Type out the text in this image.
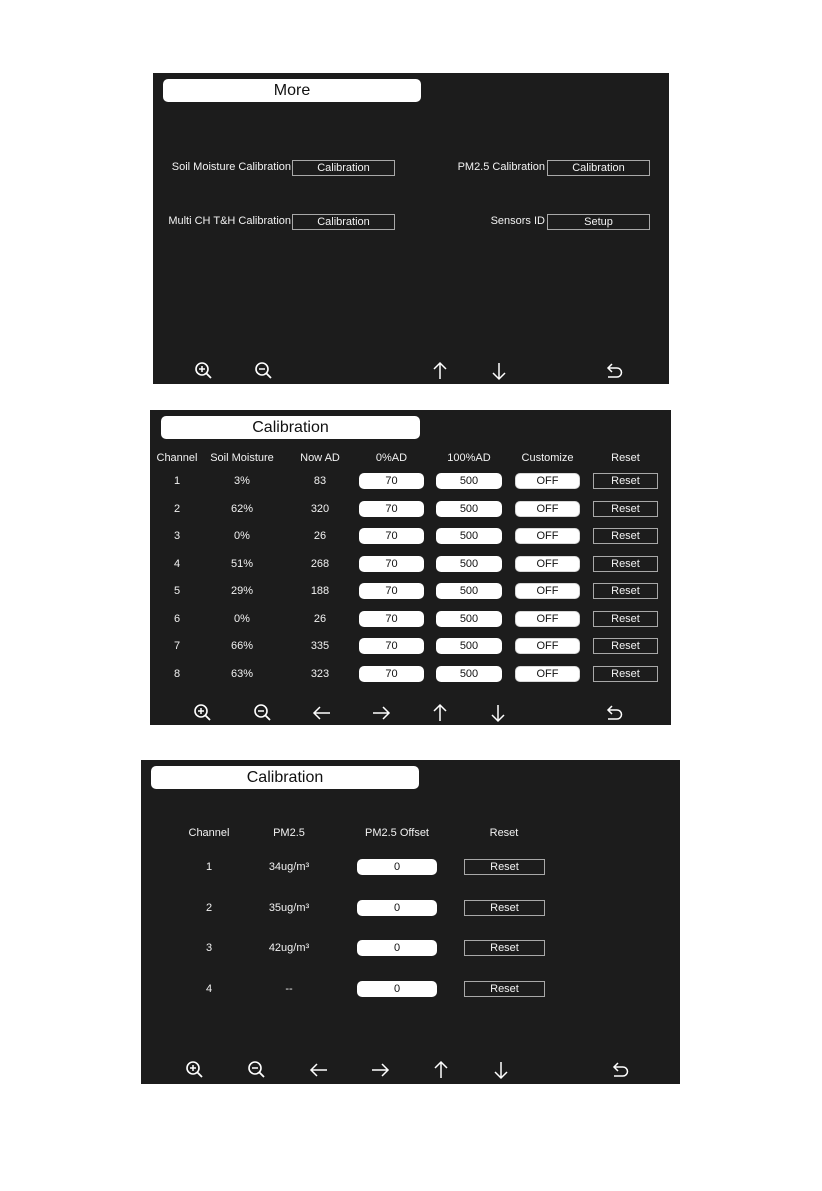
More
Soil Moisture Calibration	Calibration	PM2.5 Calibration	Calibration
Multi CH T&H Calibration	Calibration	Sensors ID	Setup
Calibration
Channel	Soil Moisture	Now AD	0%AD	100%AD	Customize	Reset
1	3%	83	70	500	OFF	Reset
2	62%	320	70	500	OFF	Reset
3	0%	26	70	500	OFF	Reset
4	51%	268	70	500	OFF	Reset
5	29%	188	70	500	OFF	Reset
6	0%	26	70	500	OFF	Reset
7	66%	335	70	500	OFF	Reset
8	63%	323	70	500	OFF	Reset
Calibration
Channel	PM2.5	PM2.5 Offset	Reset
1	34ug/m³	0	Reset
2	35ug/m³	0	Reset
3	42ug/m³	0	Reset
4	--	0	Reset
